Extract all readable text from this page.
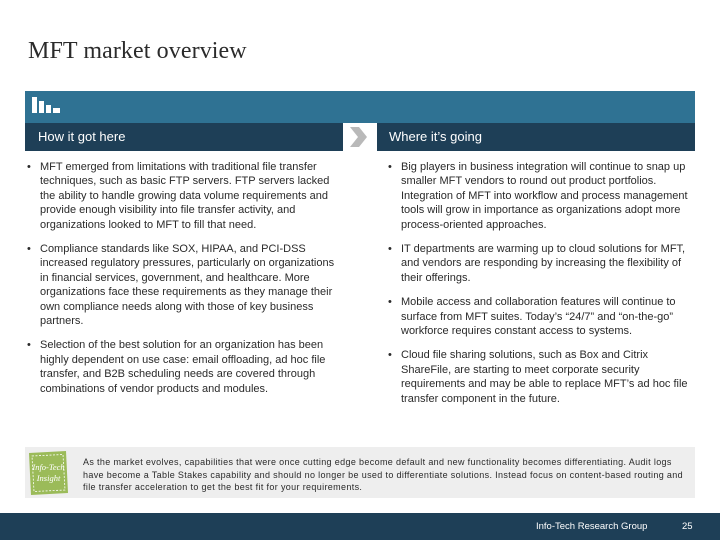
MFT market overview
How it got here	Where it’s going

• MFT emerged from limitations with traditional file transfer techniques, such as basic FTP servers. FTP servers lacked the ability to handle growing data volume requirements and provide enough visibility into file transfer activity, and organizations looked to MFT to fill that need.

• Compliance standards like SOX, HIPAA, and PCI-DSS increased regulatory pressures, particularly on organizations in financial services, government, and healthcare. More organizations face these requirements as they manage their own compliance needs along with those of key business partners.

• Selection of the best solution for an organization has been highly dependent on use case: email offloading, ad hoc file transfer, and B2B scheduling needs are covered through combinations of vendor products and modules.

• Big players in business integration will continue to snap up smaller MFT vendors to round out product portfolios. Integration of MFT into workflow and process management tools will grow in importance as organizations adopt more process-oriented approaches.

• IT departments are warming up to cloud solutions for MFT, and vendors are responding by increasing the flexibility of their offerings.

• Mobile access and collaboration features will continue to surface from MFT suites. Today’s “24/7” and “on-the-go” workforce requires constant access to systems.

• Cloud file sharing solutions, such as Box and Citrix ShareFile, are starting to meet corporate security requirements and may be able to replace MFT’s ad hoc file transfer component in the future.

Info-Tech
Insight
As the market evolves, capabilities that were once cutting edge become default and new functionality becomes differentiating. Audit logs have become a Table Stakes capability and should no longer be used to differentiate solutions. Instead focus on content-based routing and file transfer acceleration to get the best fit for your requirements.
Info-Tech Research Group	25
